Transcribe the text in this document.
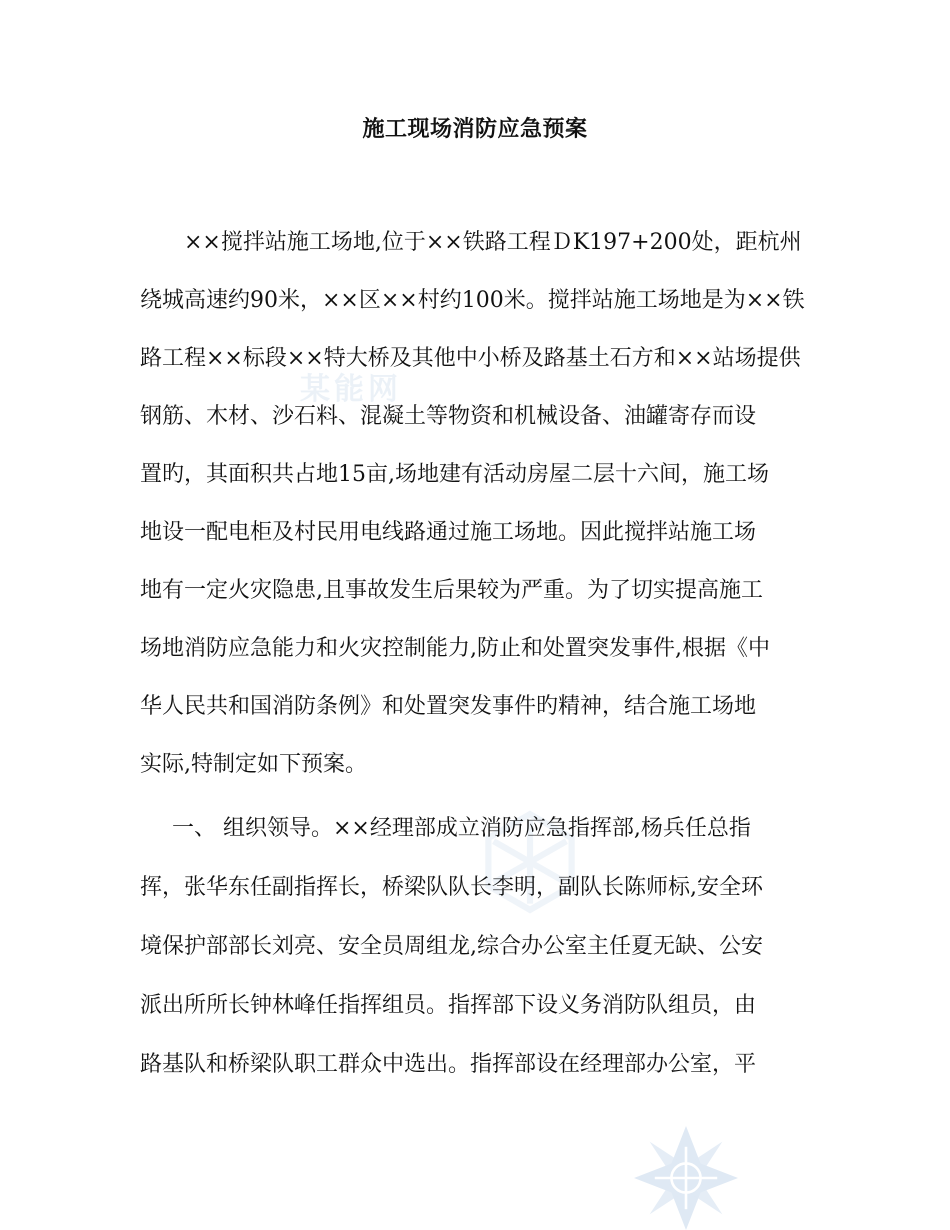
某能网
施工现场消防应急预案

××搅拌站施工场地,位于××铁路工程ＤK197+200处，距杭州

绕城高速约90米，××区××村约100米。搅拌站施工场地是为××铁

路工程××标段××特大桥及其他中小桥及路基土石方和××站场提供

钢筋、木材、沙石料、混凝土等物资和机械设备、油罐寄存而设

置旳，其面积共占地15亩,场地建有活动房屋二层十六间，施工场

地设一配电柜及村民用电线路通过施工场地。因此搅拌站施工场

地有一定火灾隐患,且事故发生后果较为严重。为了切实提高施工

场地消防应急能力和火灾控制能力,防止和处置突发事件,根据《中

华人民共和国消防条例》和处置突发事件旳精神，结合施工场地

实际,特制定如下预案。

一、 组织领导。××经理部成立消防应急指挥部,杨兵任总指

挥，张华东任副指挥长，桥梁队队长李明，副队长陈师标,安全环

境保护部部长刘亮、安全员周组龙,综合办公室主任夏无缺、公安

派出所所长钟林峰任指挥组员。指挥部下设义务消防队组员，由

路基队和桥梁队职工群众中选出。指挥部设在经理部办公室，平
